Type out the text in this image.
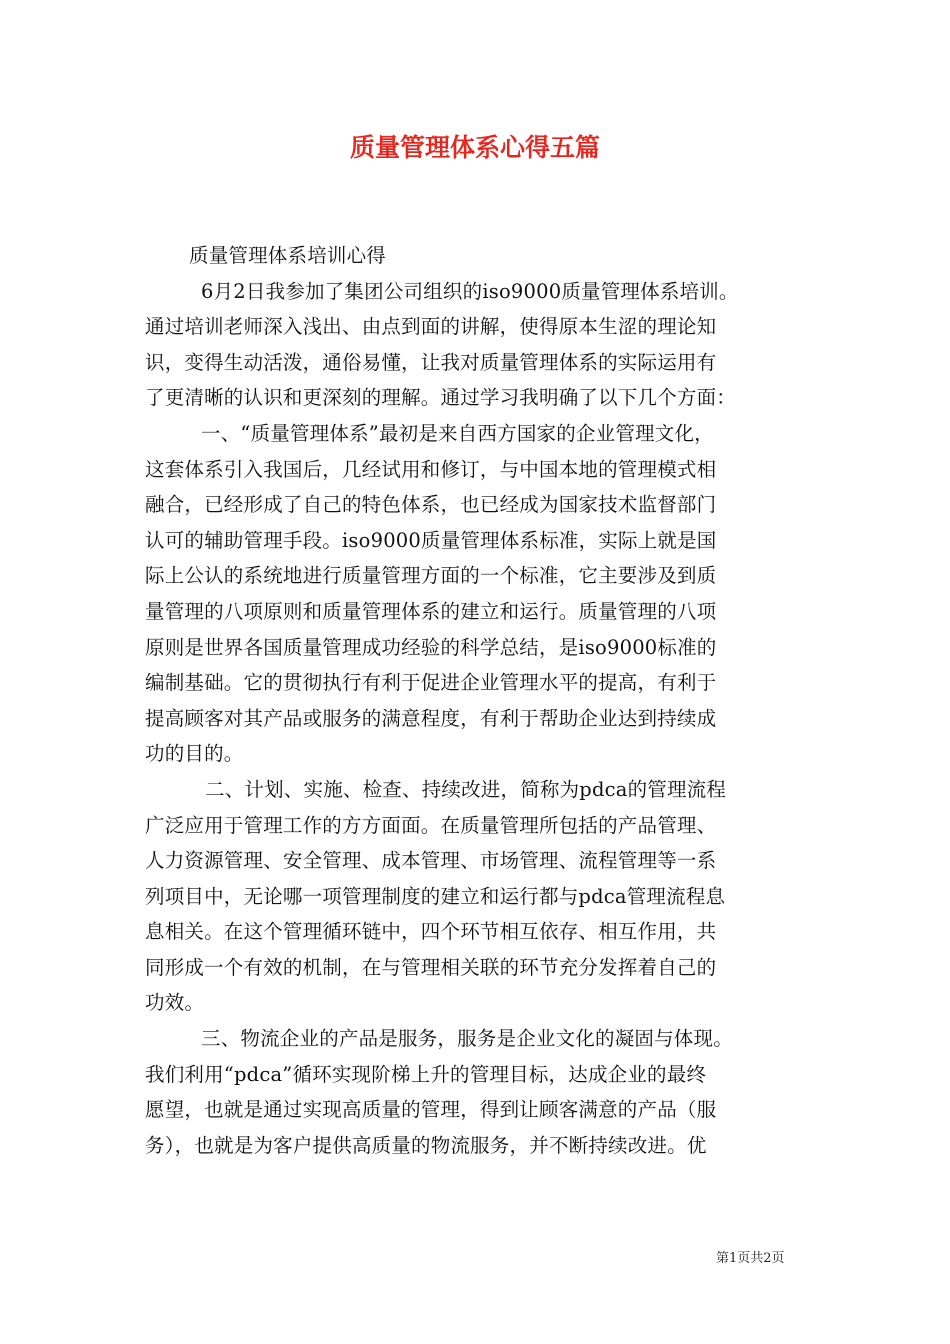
质量管理体系心得五篇
质量管理体系培训心得
6月2日我参加了集团公司组织的iso9000质量管理体系培训。
通过培训老师深入浅出、由点到面的讲解，使得原本生涩的理论知
识，变得生动活泼，通俗易懂，让我对质量管理体系的实际运用有
了更清晰的认识和更深刻的理解。通过学习我明确了以下几个方面：
一、“质量管理体系”最初是来自西方国家的企业管理文化，
这套体系引入我国后，几经试用和修订，与中国本地的管理模式相
融合，已经形成了自己的特色体系，也已经成为国家技术监督部门
认可的辅助管理手段。iso9000质量管理体系标准，实际上就是国
际上公认的系统地进行质量管理方面的一个标准，它主要涉及到质
量管理的八项原则和质量管理体系的建立和运行。质量管理的八项
原则是世界各国质量管理成功经验的科学总结，是iso9000标准的
编制基础。它的贯彻执行有利于促进企业管理水平的提高，有利于
提高顾客对其产品或服务的满意程度，有利于帮助企业达到持续成
功的目的。
二、计划、实施、检查、持续改进，简称为pdca的管理流程
广泛应用于管理工作的方方面面。在质量管理所包括的产品管理、
人力资源管理、安全管理、成本管理、市场管理、流程管理等一系
列项目中，无论哪一项管理制度的建立和运行都与pdca管理流程息
息相关。在这个管理循环链中，四个环节相互依存、相互作用，共
同形成一个有效的机制，在与管理相关联的环节充分发挥着自己的
功效。
三、物流企业的产品是服务，服务是企业文化的凝固与体现。
我们利用“pdca”循环实现阶梯上升的管理目标，达成企业的最终
愿望，也就是通过实现高质量的管理，得到让顾客满意的产品（服
务），也就是为客户提供高质量的物流服务，并不断持续改进。优
第1页共2页
